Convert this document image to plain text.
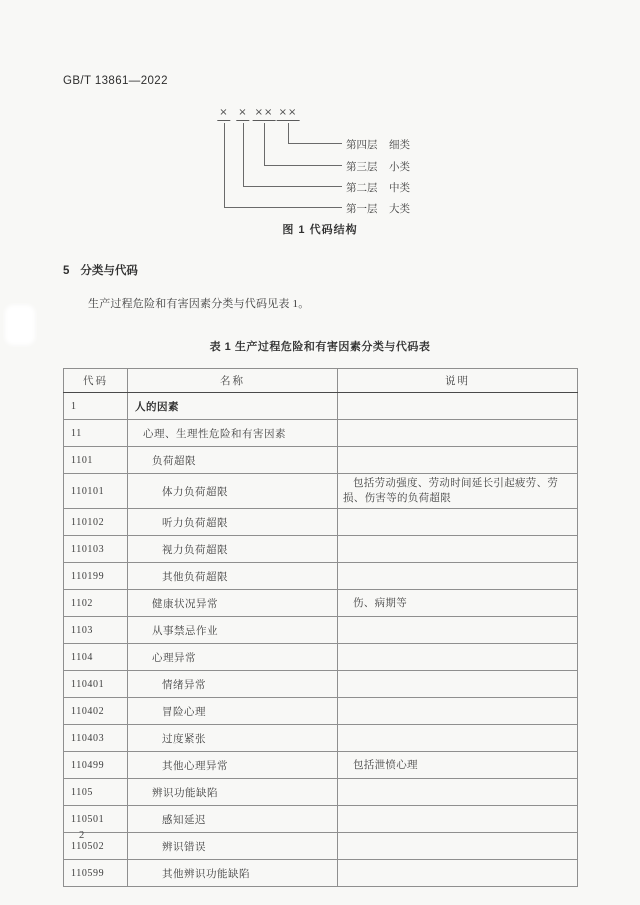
GB/T 13861—2022
图 1 代码结构
× × ×× ××
第四层 细类
第三层 小类
第二层 中类
第一层 大类
5 分类与代码
生产过程危险和有害因素分类与代码见表 1。
表 1 生产过程危险和有害因素分类与代码表
代码	名称	说明
1	人的因素	
11	心理、生理性危险和有害因素	
1101	负荷超限	
110101	体力负荷超限	包括劳动强度、劳动时间延长引起疲劳、劳损、伤害等的负荷超限
110102	听力负荷超限	
110103	视力负荷超限	
110199	其他负荷超限	
1102	健康状况异常	伤、病期等
1103	从事禁忌作业	
1104	心理异常	
110401	情绪异常	
110402	冒险心理	
110403	过度紧张	
110499	其他心理异常	包括泄愤心理
1105	辨识功能缺陷	
110501	感知延迟	
110502	辨识错误	
110599	其他辨识功能缺陷	
2
